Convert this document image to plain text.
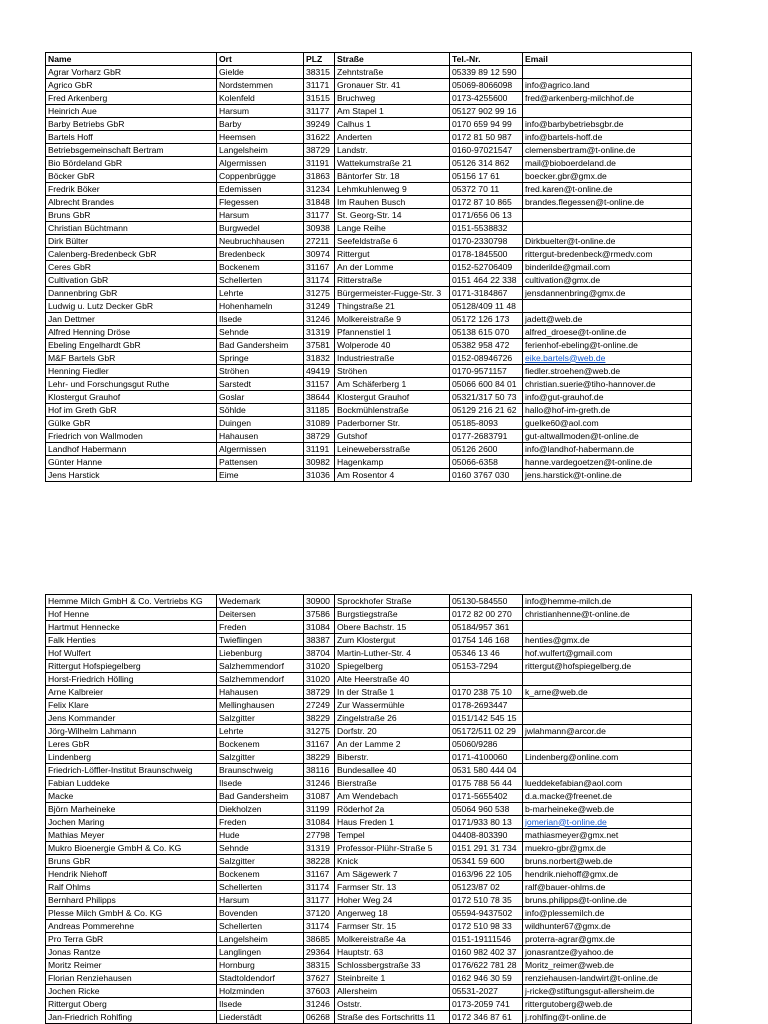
Name	Ort	PLZ	Straße	Tel.-Nr.	Email
Agrar Vorharz GbR	Gielde	38315	Zehntstraße	05339 89 12 590	
Agrico GbR	Nordstemmen	31171	Gronauer Str. 41	05069-8066098	info@agrico.land
Fred Arkenberg	Kolenfeld	31515	Bruchweg	0173-4255600	fred@arkenberg-milchhof.de
Heinrich Aue	Harsum	31177	Am Stapel 1	05127 902 99 16	
Barby Betriebs GbR	Barby	39249	Calhus 1	0170 659 94 99	info@barbybetriebsgbr.de
Bartels Hoff	Heemsen	31622	Anderten	0172 81 50 987	info@bartels-hoff.de
Betriebsgemeinschaft Bertram	Langelsheim	38729	Landstr.	0160-97021547	clemensbertram@t-online.de
Bio Bördeland GbR	Algermissen	31191	Wattekumstraße 21	05126 314 862	mail@bioboerdeland.de
Böcker GbR	Coppenbrügge	31863	Bäntorfer Str. 18	05156 17 61	boecker.gbr@gmx.de
Fredrik Böker	Edemissen	31234	Lehmkuhlenweg 9	05372 70 11	fred.karen@t-online.de
Albrecht Brandes	Flegessen	31848	Im Rauhen Busch	0172 87 10 865	brandes.flegessen@t-online.de
Bruns GbR	Harsum	31177	St. Georg-Str. 14	0171/656 06 13	
Christian Büchtmann	Burgwedel	30938	Lange Reihe	0151-5538832	
Dirk Bülter	Neubruchhausen	27211	Seefeldstraße 6	0170-2330798	Dirkbuelter@t-online.de
Calenberg-Bredenbeck GbR	Bredenbeck	30974	Rittergut	0178-1845500	rittergut-bredenbeck@rmedv.com
Ceres GbR	Bockenem	31167	An der Lomme	0152-52706409	binderilde@gmail.com
Cultivation GbR	Schellerten	31174	Ritterstraße	0151 464 22 338	cultivation@gmx.de
Dannenbring GbR	Lehrte	31275	Bürgermeister-Fugge-Str. 3	0171-3184867	jensdannenbring@gmx.de
Ludwig u. Lutz Decker GbR	Hohenhameln	31249	Thingstraße 21	05128/409 11 48	
Jan Dettmer	Ilsede	31246	Molkereistraße 9	05172 126 173	jadett@web.de
Alfred Henning Dröse	Sehnde	31319	Pfannenstiel 1	05138 615 070	alfred_droese@t-online.de
Ebeling Engelhardt GbR	Bad Gandersheim	37581	Wolperode 40	05382 958 472	ferienhof-ebeling@t-online.de
M&F Bartels GbR	Springe	31832	Industriestraße	0152-08946726	eike.bartels@web.de
Henning Fiedler	Ströhen	49419	Ströhen	0170-9571157	fiedler.stroehen@web.de
Lehr- und Forschungsgut Ruthe	Sarstedt	31157	Am Schäferberg 1	05066 600 84 01	christian.suerie@tiho-hannover.de
Klostergut Grauhof	Goslar	38644	Klostergut Grauhof	05321/317 50 73	info@gut-grauhof.de
Hof im Greth GbR	Söhlde	31185	Bockmühlenstraße	05129 216 21 62	hallo@hof-im-greth.de
Gülke GbR	Duingen	31089	Paderborner Str.	05185-8093	guelke60@aol.com
Friedrich von Wallmoden	Hahausen	38729	Gutshof	0177-2683791	gut-altwallmoden@t-online.de
Landhof Habermann	Algermissen	31191	Leinewebersstraße	05126 2600	info@landhof-habermann.de
Günter Hanne	Pattensen	30982	Hagenkamp	05066-6358	hanne.vardegoetzen@t-online.de
Jens Harstick	Eime	31036	Am Rosentor 4	0160 3767 030	jens.harstick@t-online.de
Hemme Milch GmbH & Co. Vertriebs KG	Wedemark	30900	Sprockhofer Straße	05130-584550	info@hemme-milch.de
Hof Henne	Deitersen	37586	Burgstiegstraße	0172 82 00 270	christianhenne@t-online.de
Hartmut Hennecke	Freden	31084	Obere Bachstr. 15	05184/957 361	
Falk Henties	Twieflingen	38387	Zum Klostergut	01754 146 168	henties@gmx.de
Hof Wulfert	Liebenburg	38704	Martin-Luther-Str. 4	05346 13 46	hof.wulfert@gmail.com
Rittergut Hofspiegelberg	Salzhemmendorf	31020	Spiegelberg	05153-7294	rittergut@hofspiegelberg.de
Horst-Friedrich Hölling	Salzhemmendorf	31020	Alte Heerstraße 40		
Arne Kalbreier	Hahausen	38729	In der Straße 1	0170 238 75 10	k_arne@web.de
Felix Klare	Mellinghausen	27249	Zur Wassermühle	0178-2693447	
Jens Kommander	Salzgitter	38229	Zingelstraße 26	0151/142 545 15	
Jörg-Wilhelm Lahmann	Lehrte	31275	Dorfstr. 20	05172/511 02 29	jwlahmann@arcor.de
Leres GbR	Bockenem	31167	An der Lamme 2	05060/9286	
Lindenberg	Salzgitter	38229	Biberstr.	0171-4100060	Lindenberg@online.com
Friedrich-Löffler-Institut Braunschweig	Braunschweig	38116	Bundesallee 40	0531 580 444 04	
Fabian Luddeke	Ilsede	31246	Bierstraße	0175 788 56 44	lueddekefabian@aol.com
Macke	Bad Gandersheim	31087	Am Wendebach	0171-5655402	d.a.macke@freenet.de
Björn Marheineke	Diekholzen	31199	Röderhof 2a	05064 960 538	b-marheineke@web.de
Jochen Maring	Freden	31084	Haus Freden 1	0171/933 80 13	jomerian@t-online.de
Mathias Meyer	Hude	27798	Tempel	04408-803390	mathiasmeyer@gmx.net
Mukro Bioenergie GmbH & Co. KG	Sehnde	31319	Professor-Plühr-Straße 5	0151 291 31 734	muekro-gbr@gmx.de
Bruns GbR	Salzgitter	38228	Knick	05341 59 600	bruns.norbert@web.de
Hendrik Niehoff	Bockenem	31167	Am Sägewerk 7	0163/96 22 105	hendrik.niehoff@gmx.de
Ralf Ohlms	Schellerten	31174	Farmser Str. 13	05123/87 02	ralf@bauer-ohlms.de
Bernhard Philipps	Harsum	31177	Hoher Weg 24	0172 510 78 35	bruns.philipps@t-online.de
Plesse Milch GmbH & Co. KG	Bovenden	37120	Angerweg 18	05594-9437502	info@plessemilch.de
Andreas Pommerehne	Schellerten	31174	Farmser Str. 15	0172 510 98 33	wildhunter67@gmx.de
Pro Terra GbR	Langelsheim	38685	Molkereistraße 4a	0151-19111546	proterra-agrar@gmx.de
Jonas Rantze	Langlingen	29364	Hauptstr. 63	0160 982 402 37	jonasrantze@yahoo.de
Moritz Reimer	Hornburg	38315	Schlossbergstraße 33	0176/622 781 28	Moritz_reimer@web.de
Florian Renziehausen	Stadtoldendorf	37627	Steinbreite 1	0162 946 30 59	renziehausen-landwirt@t-online.de
Jochen Ricke	Holzminden	37603	Allersheim	05531-2027	j-ricke@stiftungsgut-allersheim.de
Rittergut Oberg	Ilsede	31246	Oststr.	0173-2059 741	rittergutoberg@web.de
Jan-Friedrich Rohlfing	Liederstädt	06268	Straße des Fortschritts 11	0172 346 87 61	j.rohlfing@t-online.de
